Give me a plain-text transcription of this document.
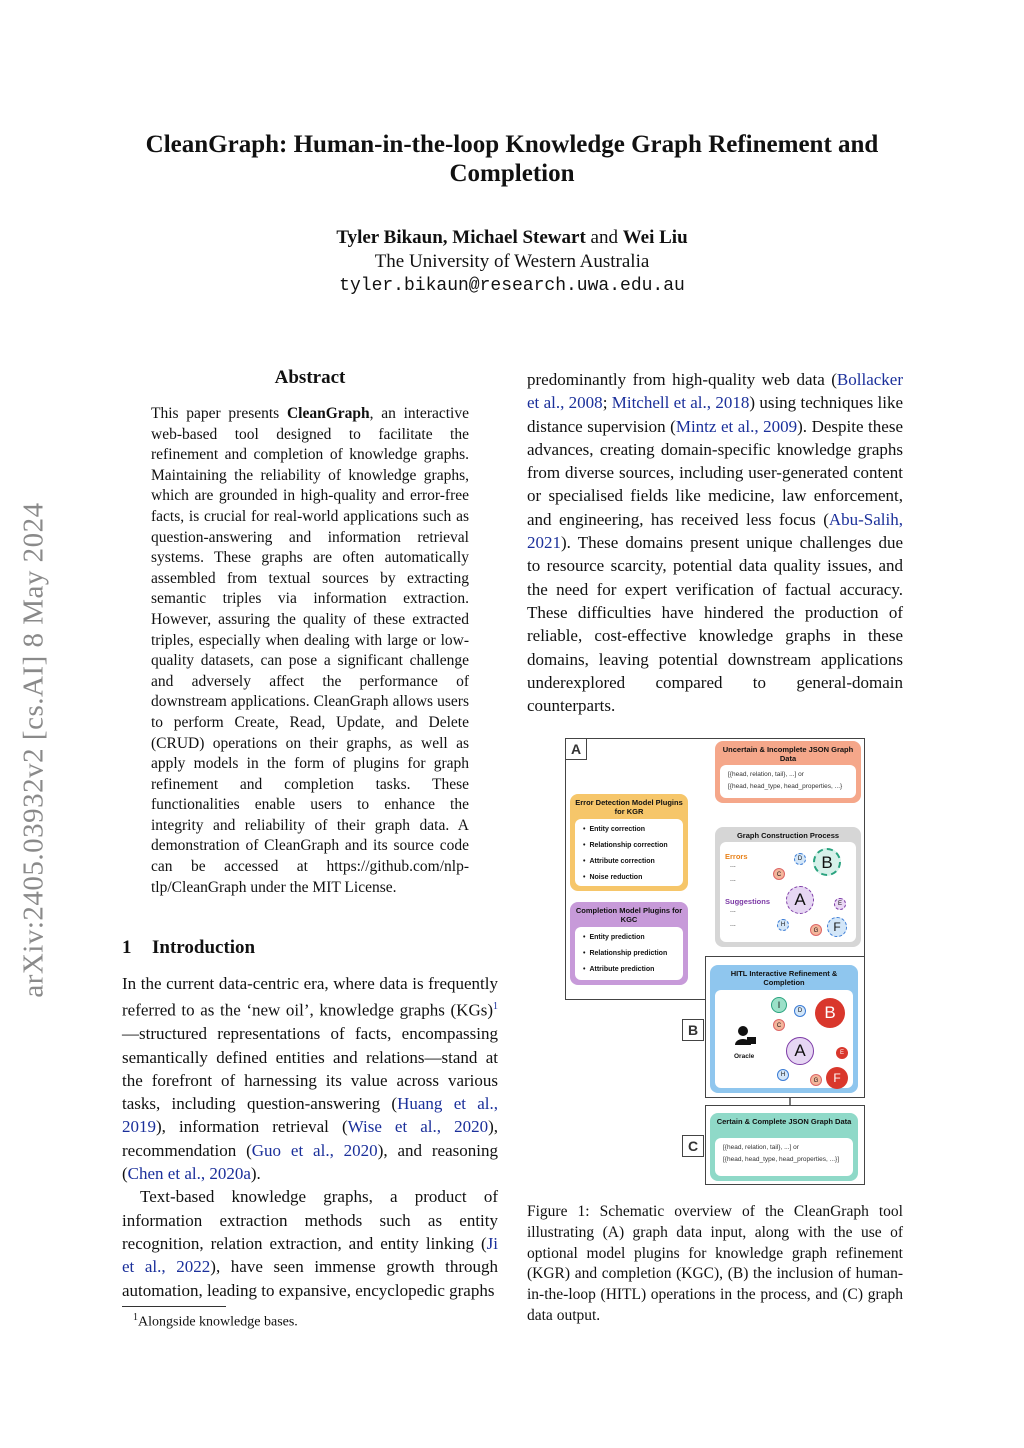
arXiv:2405.03932v2 [cs.AI] 8 May 2024
CleanGraph: Human-in-the-loop Knowledge Graph Refinement and Completion
Tyler Bikaun, Michael Stewart and Wei Liu
The University of Western Australia
tyler.bikaun@research.uwa.edu.au
Abstract
This paper presents CleanGraph, an interactive web-based tool designed to facilitate the refinement and completion of knowledge graphs. Maintaining the reliability of knowledge graphs, which are grounded in high-quality and error-free facts, is crucial for real-world applications such as question-answering and information retrieval systems. These graphs are often automatically assembled from textual sources by extracting semantic triples via information extraction. However, assuring the quality of these extracted triples, especially when dealing with large or low-quality datasets, can pose a significant challenge and adversely affect the performance of downstream applications. CleanGraph allows users to perform Create, Read, Update, and Delete (CRUD) operations on their graphs, as well as apply models in the form of plugins for graph refinement and completion tasks. These functionalities enable users to enhance the integrity and reliability of their graph data. A demonstration of CleanGraph and its source code can be accessed at https://github.com/nlp-tlp/CleanGraph under the MIT License.
1 Introduction

In the current data-centric era, where data is frequently referred to as the ‘new oil’, knowledge graphs (KGs)$^1$—structured representations of facts, encompassing semantically defined entities and relations—stand at the forefront of harnessing its value across various tasks, including question-answering (Huang et al., 2019), information retrieval (Wise et al., 2020), recommendation (Guo et al., 2020), and reasoning (Chen et al., 2020a).

Text-based knowledge graphs, a product of information extraction methods such as entity recognition, relation extraction, and entity linking (Ji et al., 2022), have seen immense growth through automation, leading to expansive, encyclopedic graphs

predominantly from high-quality web data (Bollacker et al., 2008; Mitchell et al., 2018) using techniques like distance supervision (Mintz et al., 2009). Despite these advances, creating domain-specific knowledge graphs from diverse sources, including user-generated content or specialised fields like medicine, law enforcement, and engineering, has received less focus (Abu-Salih, 2021). These domains present unique challenges due to resource scarcity, potential data quality issues, and the need for expert verification of factual accuracy. These difficulties have hindered the production of reliable, cost-effective knowledge graphs in these domains, leaving potential downstream applications underexplored compared to general-domain counterparts.

$^1$Alongside knowledge bases.
A	Uncertain & Incomplete JSON Graph Data
[{head, relation, tail}, ...] or
[{head, head_type, head_properties, ...}
Error Detection Model Plugins for KGR
• Entity correction
• Relationship correction
• Attribute correction
• Noise reduction
Completion Model Plugins for KGC
• Entity prediction
• Relationship prediction
• Attribute prediction
Graph Construction Process
Errors
...
...
Suggestions
...
...
A
B
C
D
E
F
G
H
B
HITL Interactive Refinement & Completion
Oracle	A
B
I
D
C
E
F
G
H
C
Certain & Complete JSON Graph Data
[{head, relation, tail}, ...] or
[{head, head_type, head_properties, ...}]
Figure 1: Schematic overview of the CleanGraph tool illustrating (A) graph data input, along with the use of optional model plugins for knowledge graph refinement (KGR) and completion (KGC), (B) the inclusion of human-in-the-loop (HITL) operations in the process, and (C) graph data output.
